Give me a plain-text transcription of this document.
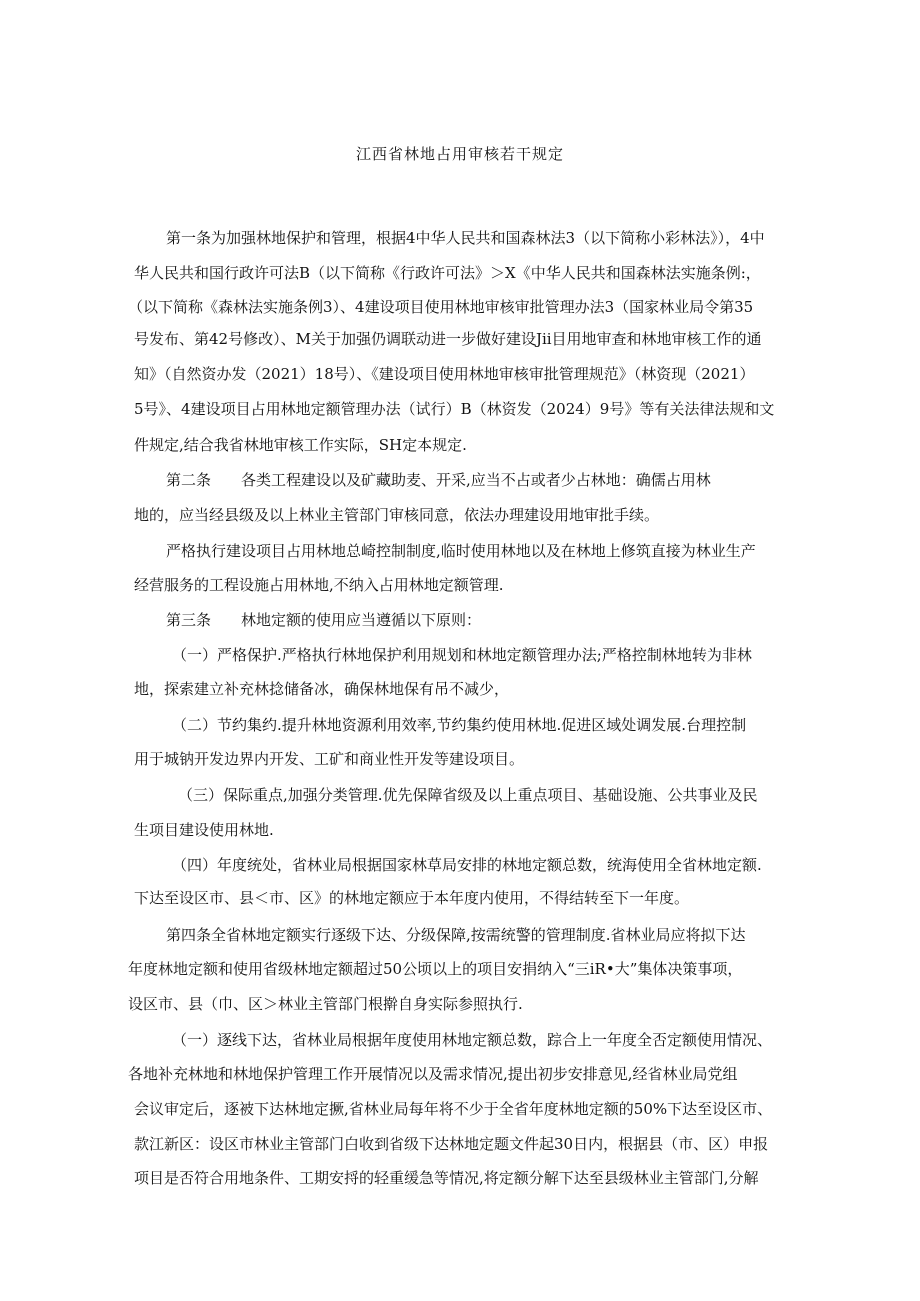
江西省林地占用审核若干规定
第一条为加强林地保护和管理，根据4中华人民共和国森林法3（以下简称小彩林法》），4中
华人民共和国行政许可法B（以下简称《行政许可法》＞X《中华人民共和国森林法实施条例:，
（以下简称《森林法实施条例3）、4建设项目使用林地审核审批管理办法3（国家林业局令第35
号发布、第42号修改）、M关于加强仍调联动进一步做好建设Jii目用地审查和林地审核工作的通
知》（自然资办发（2021）18号）、《建设项目使用林地审核审批管理规范》（林资现（2021）
5号》、4建设项目占用林地定额管理办法（试行）B（林资发（2024）9号》等有关法律法规和文
件规定,结合我省林地审核工作实际，SH定本规定.
第二条　　各类工程建设以及矿藏助麦、开采,应当不占或者少占林地：确儒占用林
地的，应当经县级及以上林业主管部门审核同意，依法办理建设用地审批手续。
严格执行建设项目占用林地总崎控制制度,临时使用林地以及在林地上修筑直接为林业生产
经营服务的工程设施占用林地,不纳入占用林地定额管理.
第三条　　林地定额的使用应当遵循以下原则：
（一）严格保护.严格执行林地保护利用规划和林地定额管理办法;严格控制林地转为非林
地，探索建立补充林捻储备冰，确保林地保有吊不减少，
（二）节约集约.提升林地资源利用效率,节约集约使用林地.促进区域处调发展.台理控制
用于城钠开发边界内开发、工矿和商业性开发等建设项目。
（三）保际重点,加强分类管理.优先保障省级及以上重点项目、基础设施、公共事业及民
生项目建设使用林地.
（四）年度统处，省林业局根据国家林草局安排的林地定额总数，统海使用全省林地定额.
下达至设区市、县＜市、区》的林地定额应于本年度内使用，不得结转至下一年度。
第四条全省林地定额实行逐级下达、分级保障,按需统警的管理制度.省林业局应将拟下达
年度林地定额和使用省级林地定额超过50公顷以上的项目安捐纳入“三iR•大”集体决策事项，
设区市、县（巾、区＞林业主管部门根擀自身实际参照执行.
（一）逐线下达，省林业局根据年度使用林地定额总数，踪合上一年度全否定额使用情况、
各地补充林地和林地保护管理工作开展情况以及需求情况,提出初步安排意见,经省林业局党组
会议审定后，逐被下达林地定撅,省林业局每年将不少于全省年度林地定额的50%下达至设区市、
款江新区：设区市林业主管部门白收到省级下达林地定题文件起30日内，根据县（市、区）申报
项目是否符合用地条件、工期安捋的轻重缓急等情况,将定额分解下达至县级林业主管部门,分解
